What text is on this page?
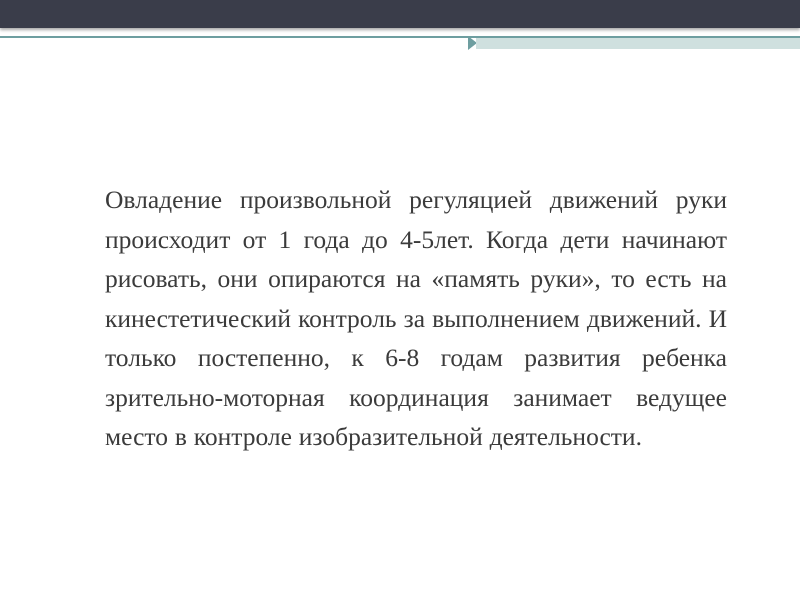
Овладение произвольной регуляцией движений руки происходит от 1 года до 4-5лет. Когда дети начинают рисовать, они опираются на «память руки», то есть на кинестетический контроль за выполнением движений. И только постепенно, к 6-8 годам развития ребенка зрительно-моторная координация занимает ведущее место в контроле изобразительной деятельности.
